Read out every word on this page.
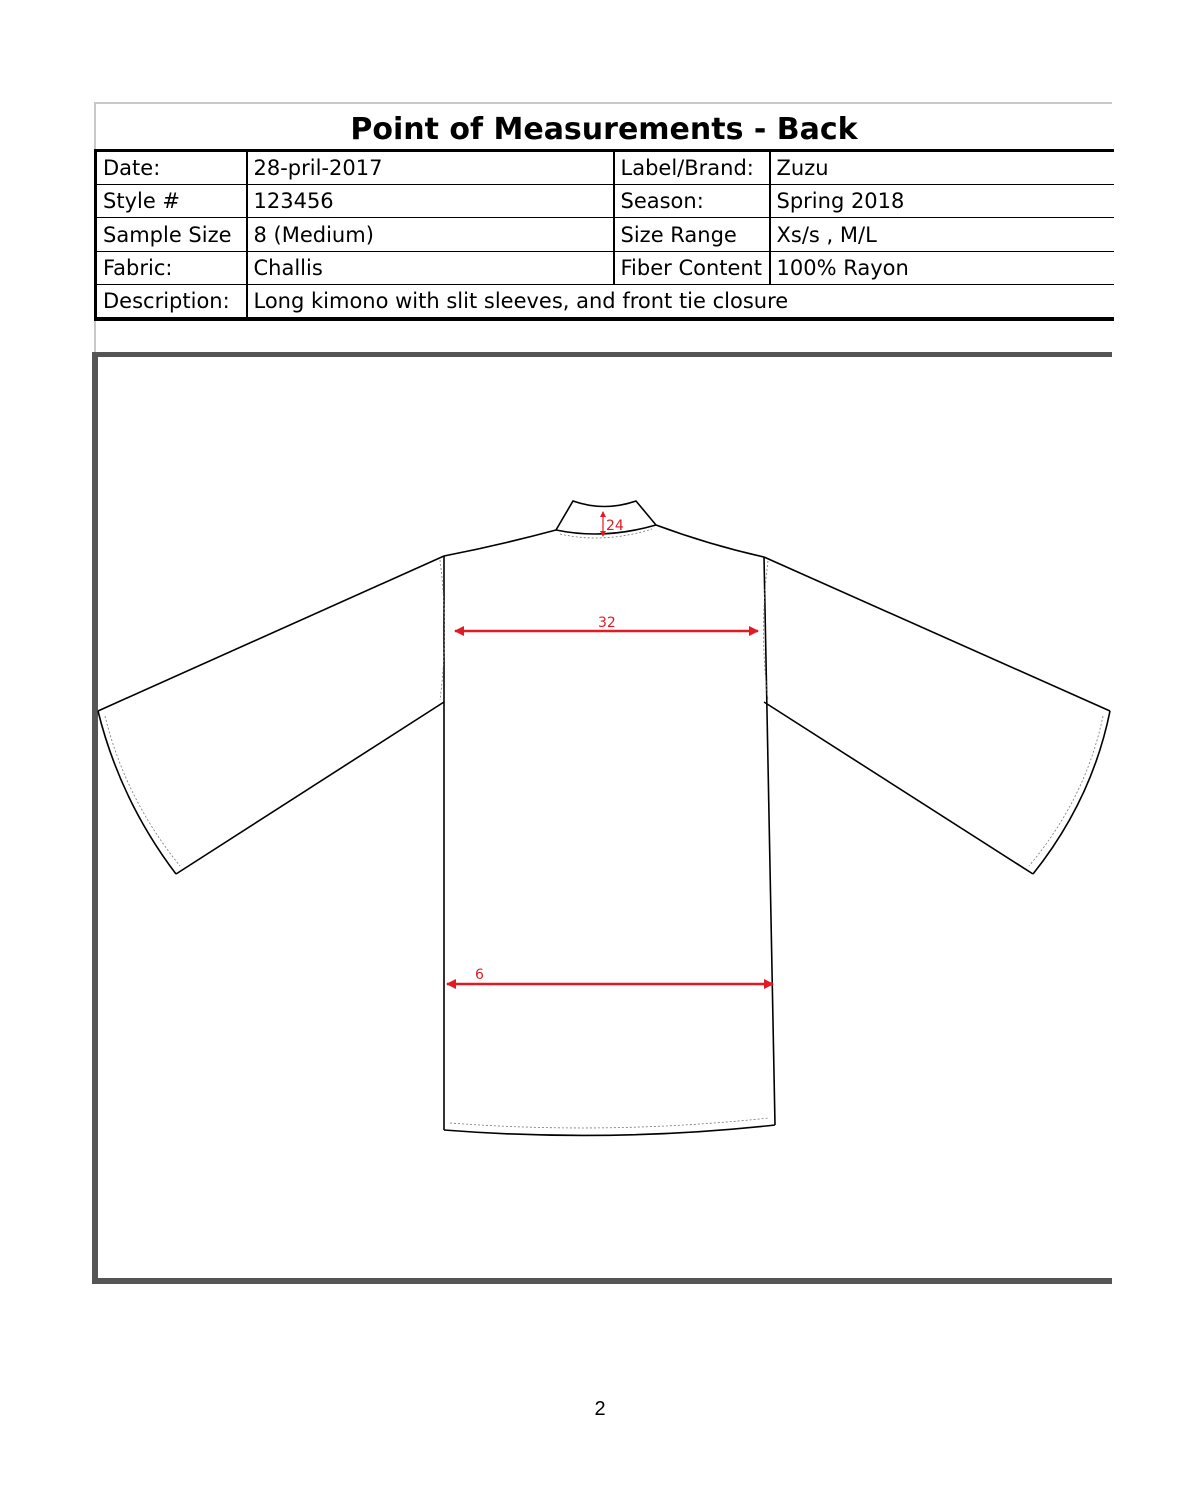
Point of Measurements - Back
Date:	28-pril-2017	Label/Brand:	Zuzu
Style #	123456	Season:	Spring 2018
Sample Size	8 (Medium)	Size Range	Xs/s , M/L
Fabric:	Challis	Fiber Content	100% Rayon
Description:	Long kimono with slit sleeves, and front tie closure		
24
32
6
2
